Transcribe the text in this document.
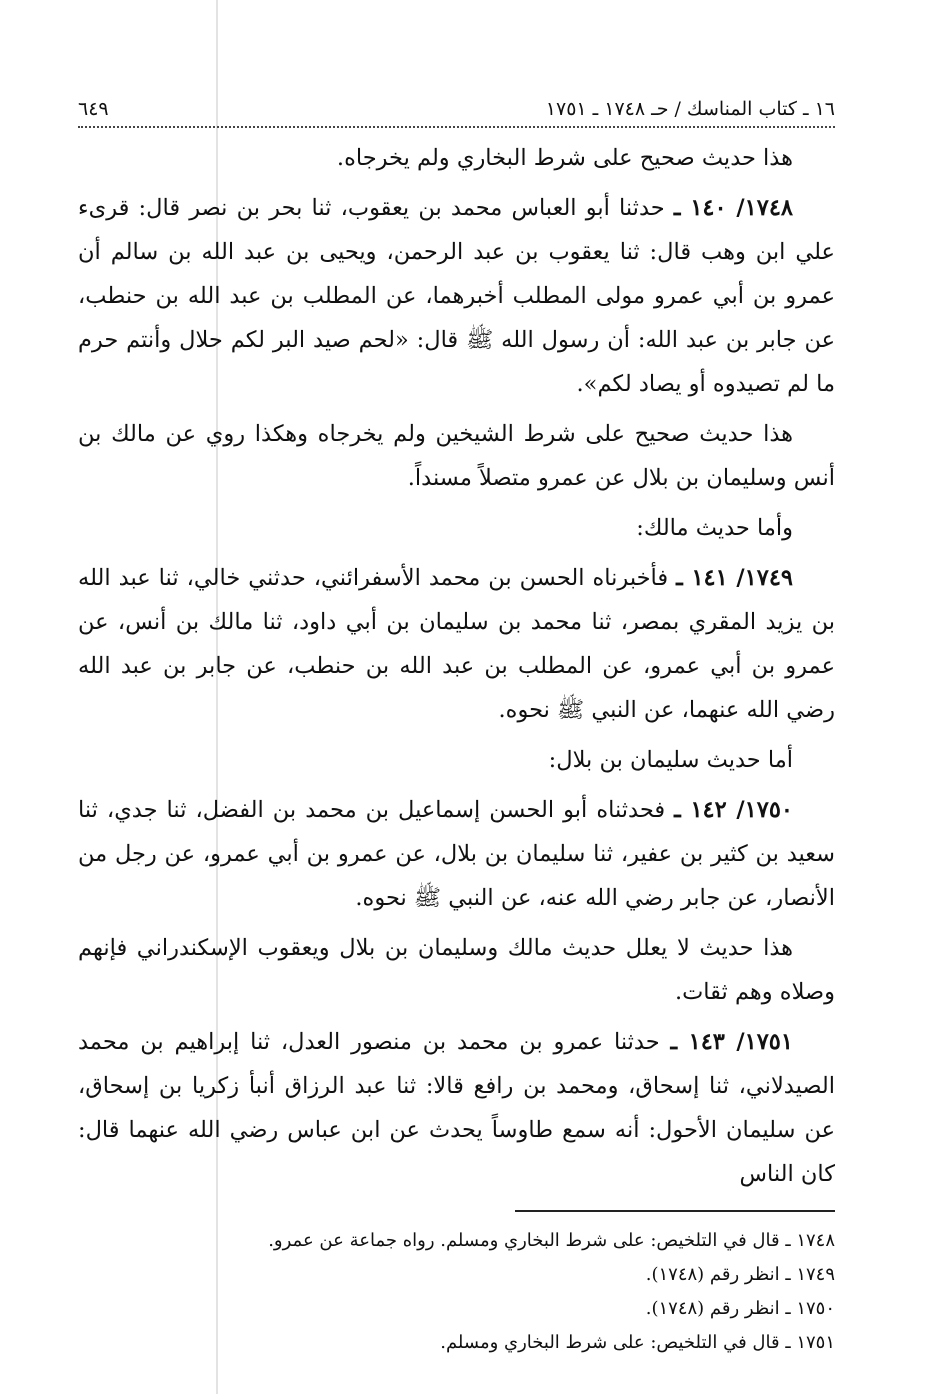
١٦ ـ كتاب المناسك / حـ ١٧٤٨ ـ ١٧٥١
٦٤٩

هذا حديث صحيح على شرط البخاري ولم يخرجاه.

١٧٤٨/ ١٤٠ ـ حدثنا أبو العباس محمد بن يعقوب، ثنا بحر بن نصر قال: قرىء علي ابن وهب قال: ثنا يعقوب بن عبد الرحمن، ويحيى بن عبد الله بن سالم أن عمرو بن أبي عمرو مولى المطلب أخبرهما، عن المطلب بن عبد الله بن حنطب، عن جابر بن عبد الله: أن رسول الله ﷺ قال: «لحم صيد البر لكم حلال وأنتم حرم ما لم تصيدوه أو يصاد لكم».

هذا حديث صحيح على شرط الشيخين ولم يخرجاه وهكذا روي عن مالك بن أنس وسليمان بن بلال عن عمرو متصلاً مسنداً.

وأما حديث مالك:

١٧٤٩/ ١٤١ ـ فأخبرناه الحسن بن محمد الأسفرائني، حدثني خالي، ثنا عبد الله بن يزيد المقري بمصر، ثنا محمد بن سليمان بن أبي داود، ثنا مالك بن أنس، عن عمرو بن أبي عمرو، عن المطلب بن عبد الله بن حنطب، عن جابر بن عبد الله رضي الله عنهما، عن النبي ﷺ نحوه.

أما حديث سليمان بن بلال:

١٧٥٠/ ١٤٢ ـ فحدثناه أبو الحسن إسماعيل بن محمد بن الفضل، ثنا جدي، ثنا سعيد بن كثير بن عفير، ثنا سليمان بن بلال، عن عمرو بن أبي عمرو، عن رجل من الأنصار، عن جابر رضي الله عنه، عن النبي ﷺ نحوه.

هذا حديث لا يعلل حديث مالك وسليمان بن بلال ويعقوب الإسكندراني فإنهم وصلاه وهم ثقات.

١٧٥١/ ١٤٣ ـ حدثنا عمرو بن محمد بن منصور العدل، ثنا إبراهيم بن محمد الصيدلاني، ثنا إسحاق، ومحمد بن رافع قالا: ثنا عبد الرزاق أنبأ زكريا بن إسحاق، عن سليمان الأحول: أنه سمع طاوساً يحدث عن ابن عباس رضي الله عنهما قال: كان الناس

١٧٤٨ ـ قال في التلخيص: على شرط البخاري ومسلم. رواه جماعة عن عمرو.

١٧٤٩ ـ انظر رقم (١٧٤٨).

١٧٥٠ ـ انظر رقم (١٧٤٨).

١٧٥١ ـ قال في التلخيص: على شرط البخاري ومسلم.
